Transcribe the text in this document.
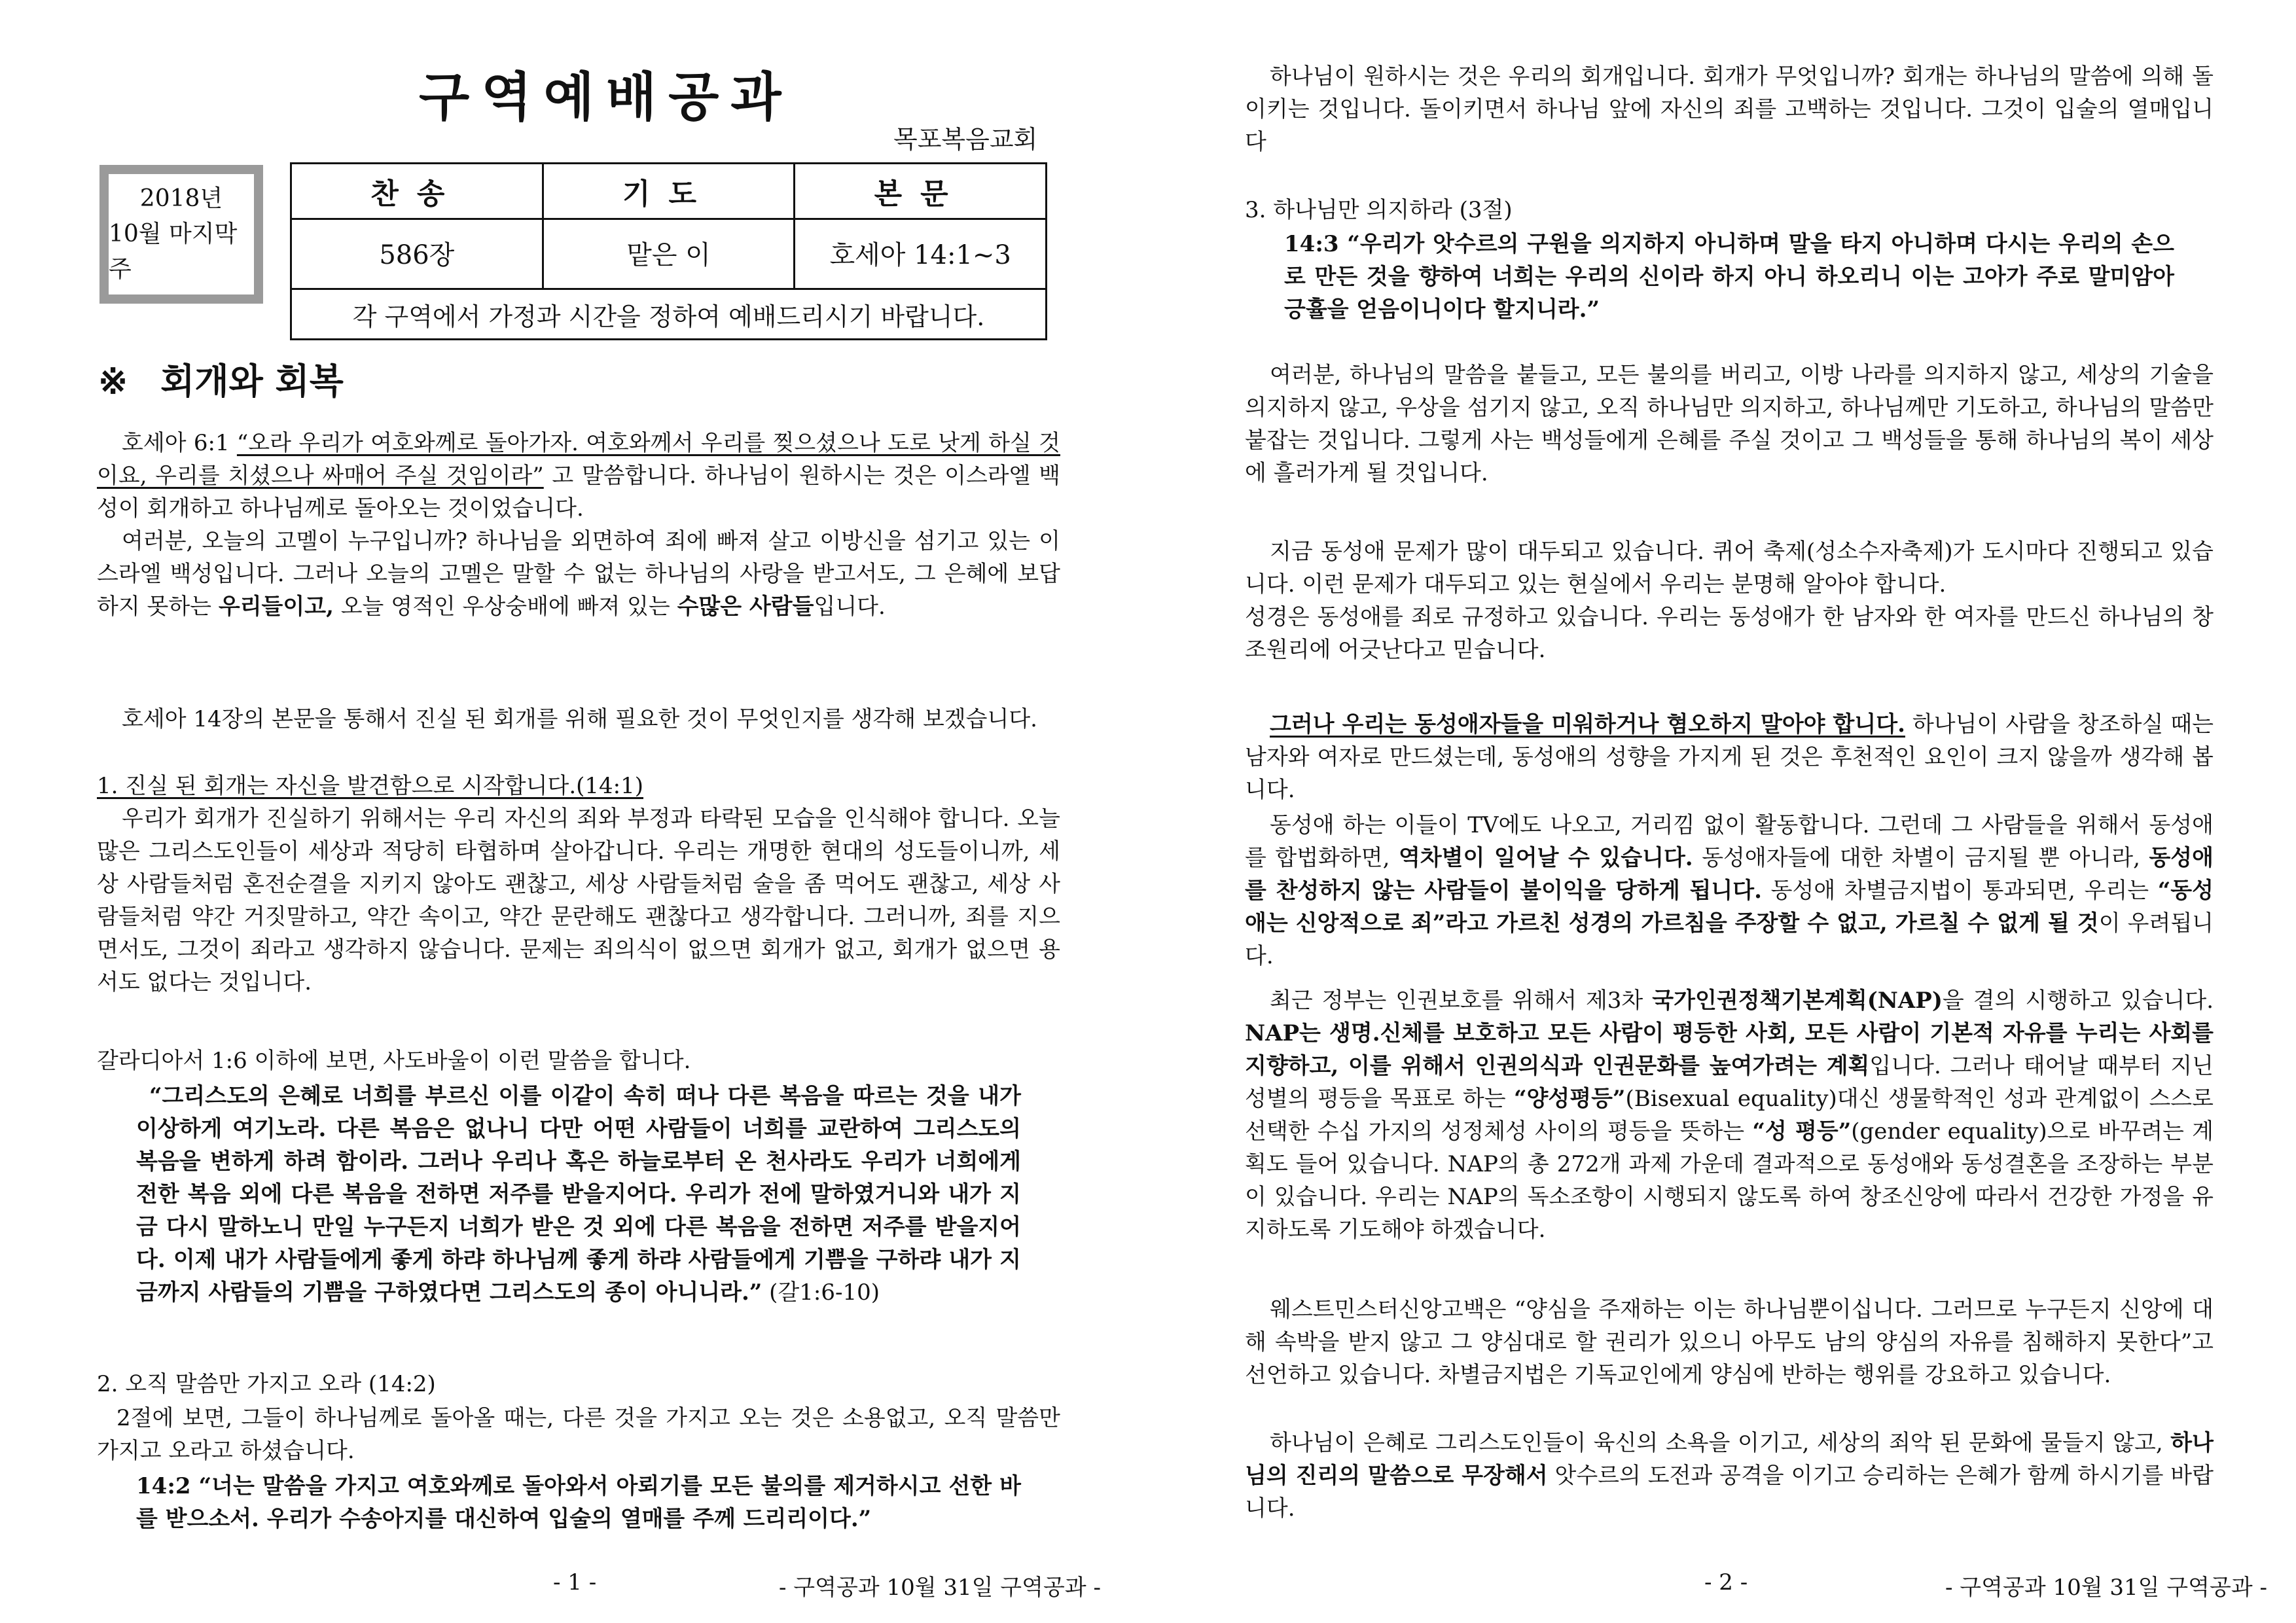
구역예배공과
목포복음교회
2018년
10월 마지막주
찬송	기도	본문
586장	맡은 이	호세아 14:1~3
각 구역에서 가정과 시간을 정하여 예배드리시기 바랍니다.
※ 회개와 회복

호세아 6:1 “오라 우리가 여호와께로 돌아가자. 여호와께서 우리를 찢으셨으나 도로 낫게 하실 것이요, 우리를 치셨으나 싸매어 주실 것임이라” 고 말씀합니다. 하나님이 원하시는 것은 이스라엘 백성이 회개하고 하나님께로 돌아오는 것이었습니다.

여러분, 오늘의 고멜이 누구입니까? 하나님을 외면하여 죄에 빠져 살고 이방신을 섬기고 있는 이스라엘 백성입니다. 그러나 오늘의 고멜은 말할 수 없는 하나님의 사랑을 받고서도, 그 은혜에 보답하지 못하는 우리들이고, 오늘 영적인 우상숭배에 빠져 있는 수많은 사람들입니다.

호세아 14장의 본문을 통해서 진실 된 회개를 위해 필요한 것이 무엇인지를 생각해 보겠습니다.

1. 진실 된 회개는 자신을 발견함으로 시작합니다.(14:1)

우리가 회개가 진실하기 위해서는 우리 자신의 죄와 부정과 타락된 모습을 인식해야 합니다. 오늘 많은 그리스도인들이 세상과 적당히 타협하며 살아갑니다. 우리는 개명한 현대의 성도들이니까, 세상 사람들처럼 혼전순결을 지키지 않아도 괜찮고, 세상 사람들처럼 술을 좀 먹어도 괜찮고, 세상 사람들처럼 약간 거짓말하고, 약간 속이고, 약간 문란해도 괜찮다고 생각합니다. 그러니까, 죄를 지으면서도, 그것이 죄라고 생각하지 않습니다. 문제는 죄의식이 없으면 회개가 없고, 회개가 없으면 용서도 없다는 것입니다.

갈라디아서 1:6 이하에 보면, 사도바울이 이런 말씀을 합니다.

“그리스도의 은혜로 너희를 부르신 이를 이같이 속히 떠나 다른 복음을 따르는 것을 내가 이상하게 여기노라. 다른 복음은 없나니 다만 어떤 사람들이 너희를 교란하여 그리스도의 복음을 변하게 하려 함이라. 그러나 우리나 혹은 하늘로부터 온 천사라도 우리가 너희에게 전한 복음 외에 다른 복음을 전하면 저주를 받을지어다. 우리가 전에 말하였거니와 내가 지금 다시 말하노니 만일 누구든지 너희가 받은 것 외에 다른 복음을 전하면 저주를 받을지어다. 이제 내가 사람들에게 좋게 하랴 하나님께 좋게 하랴 사람들에게 기쁨을 구하랴 내가 지금까지 사람들의 기쁨을 구하였다면 그리스도의 종이 아니니라.” (갈1:6-10)

2. 오직 말씀만 가지고 오라 (14:2)

2절에 보면, 그들이 하나님께로 돌아올 때는, 다른 것을 가지고 오는 것은 소용없고, 오직 말씀만 가지고 오라고 하셨습니다.

14:2 “너는 말씀을 가지고 여호와께로 돌아와서 아뢰기를 모든 불의를 제거하시고 선한 바를 받으소서. 우리가 수송아지를 대신하여 입술의 열매를 주께 드리리이다.”

- 1 -	- 구역공과 10월 31일 구역공과 -

하나님이 원하시는 것은 우리의 회개입니다. 회개가 무엇입니까? 회개는 하나님의 말씀에 의해 돌이키는 것입니다. 돌이키면서 하나님 앞에 자신의 죄를 고백하는 것입니다. 그것이 입술의 열매입니다

3. 하나님만 의지하라 (3절)

14:3 “우리가 앗수르의 구원을 의지하지 아니하며 말을 타지 아니하며 다시는 우리의 손으로 만든 것을 향하여 너희는 우리의 신이라 하지 아니 하오리니 이는 고아가 주로 말미암아 긍휼을 얻음이니이다 할지니라.”

여러분, 하나님의 말씀을 붙들고, 모든 불의를 버리고, 이방 나라를 의지하지 않고, 세상의 기술을 의지하지 않고, 우상을 섬기지 않고, 오직 하나님만 의지하고, 하나님께만 기도하고, 하나님의 말씀만 붙잡는 것입니다. 그렇게 사는 백성들에게 은혜를 주실 것이고 그 백성들을 통해 하나님의 복이 세상에 흘러가게 될 것입니다.

지금 동성애 문제가 많이 대두되고 있습니다. 퀴어 축제(성소수자축제)가 도시마다 진행되고 있습니다. 이런 문제가 대두되고 있는 현실에서 우리는 분명해 알아야 합니다.

성경은 동성애를 죄로 규정하고 있습니다. 우리는 동성애가 한 남자와 한 여자를 만드신 하나님의 창조원리에 어긋난다고 믿습니다.

그러나 우리는 동성애자들을 미워하거나 혐오하지 말아야 합니다. 하나님이 사람을 창조하실 때는 남자와 여자로 만드셨는데, 동성애의 성향을 가지게 된 것은 후천적인 요인이 크지 않을까 생각해 봅니다.

동성애 하는 이들이 TV에도 나오고, 거리낌 없이 활동합니다. 그런데 그 사람들을 위해서 동성애를 합법화하면, 역차별이 일어날 수 있습니다. 동성애자들에 대한 차별이 금지될 뿐 아니라, 동성애를 찬성하지 않는 사람들이 불이익을 당하게 됩니다. 동성애 차별금지법이 통과되면, 우리는 “동성애는 신앙적으로 죄”라고 가르친 성경의 가르침을 주장할 수 없고, 가르칠 수 없게 될 것이 우려됩니다.

최근 정부는 인권보호를 위해서 제3차 국가인권정책기본계획(NAP)을 결의 시행하고 있습니다. NAP는 생명.신체를 보호하고 모든 사람이 평등한 사회, 모든 사람이 기본적 자유를 누리는 사회를 지향하고, 이를 위해서 인권의식과 인권문화를 높여가려는 계획입니다. 그러나 태어날 때부터 지닌 성별의 평등을 목표로 하는 “양성평등”(Bisexual equality)대신 생물학적인 성과 관계없이 스스로 선택한 수십 가지의 성정체성 사이의 평등을 뜻하는 “성 평등”(gender equality)으로 바꾸려는 계획도 들어 있습니다. NAP의 총 272개 과제 가운데 결과적으로 동성애와 동성결혼을 조장하는 부분이 있습니다. 우리는 NAP의 독소조항이 시행되지 않도록 하여 창조신앙에 따라서 건강한 가정을 유지하도록 기도해야 하겠습니다.

웨스트민스터신앙고백은 “양심을 주재하는 이는 하나님뿐이십니다. 그러므로 누구든지 신앙에 대해 속박을 받지 않고 그 양심대로 할 권리가 있으니 아무도 남의 양심의 자유를 침해하지 못한다”고 선언하고 있습니다. 차별금지법은 기독교인에게 양심에 반하는 행위를 강요하고 있습니다.

하나님이 은혜로 그리스도인들이 육신의 소욕을 이기고, 세상의 죄악 된 문화에 물들지 않고, 하나님의 진리의 말씀으로 무장해서 앗수르의 도전과 공격을 이기고 승리하는 은혜가 함께 하시기를 바랍니다.

- 2 -	- 구역공과 10월 31일 구역공과 -
